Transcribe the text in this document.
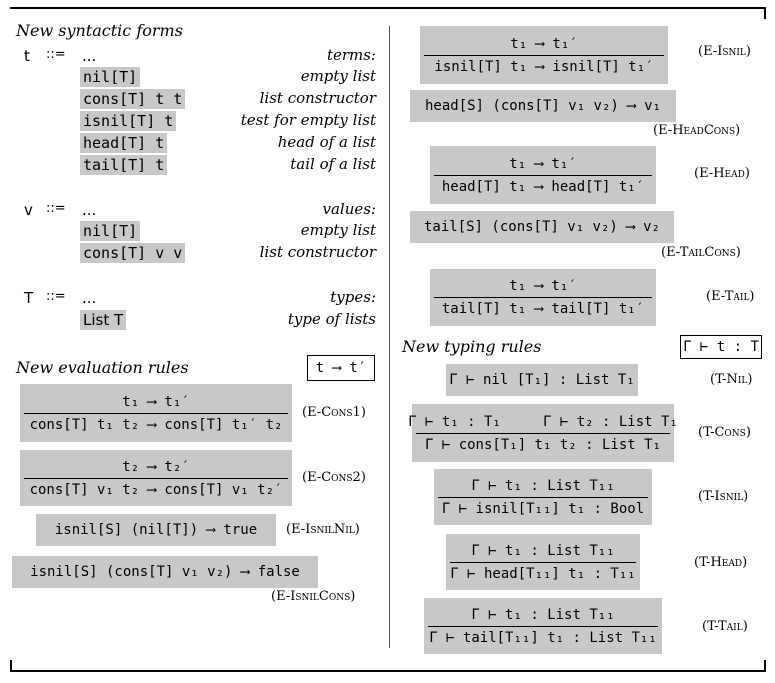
New syntactic forms
t ::= ...	terms:
nil[T]	empty list
cons[T] t t	list constructor
isnil[T] t	test for empty list
head[T] t	head of a list
tail[T] t	tail of a list
v ::= ...	values:
nil[T]	empty list
cons[T] v v	list constructor
T ::= ...	types:
List T	type of lists
New evaluation rules	t ⟶ t′
t₁ ⟶ t₁′
cons[T] t₁ t₂ ⟶ cons[T] t₁′ t₂
(E-Cons1)
t₂ ⟶ t₂′
cons[T] v₁ t₂ ⟶ cons[T] v₁ t₂′
(E-Cons2)
isnil[S] (nil[T]) ⟶ true	(E-IsnilNil)
isnil[S] (cons[T] v₁ v₂) ⟶ false
(E-IsnilCons)
t₁ ⟶ t₁′
isnil[T] t₁ ⟶ isnil[T] t₁′
(E-Isnil)
head[S] (cons[T] v₁ v₂) ⟶ v₁
(E-HeadCons)
t₁ ⟶ t₁′
head[T] t₁ ⟶ head[T] t₁′
(E-Head)
tail[S] (cons[T] v₁ v₂) ⟶ v₂
(E-TailCons)
t₁ ⟶ t₁′
tail[T] t₁ ⟶ tail[T] t₁′
(E-Tail)
New typing rules	Γ ⊢ t : T
Γ ⊢ nil [T₁] : List T₁	(T-Nil)
Γ ⊢ t₁ : T₁     Γ ⊢ t₂ : List T₁
Γ ⊢ cons[T₁] t₁ t₂ : List T₁
(T-Cons)
Γ ⊢ t₁ : List T₁₁
Γ ⊢ isnil[T₁₁] t₁ : Bool
(T-Isnil)
Γ ⊢ t₁ : List T₁₁
Γ ⊢ head[T₁₁] t₁ : T₁₁
(T-Head)
Γ ⊢ t₁ : List T₁₁
Γ ⊢ tail[T₁₁] t₁ : List T₁₁
(T-Tail)
